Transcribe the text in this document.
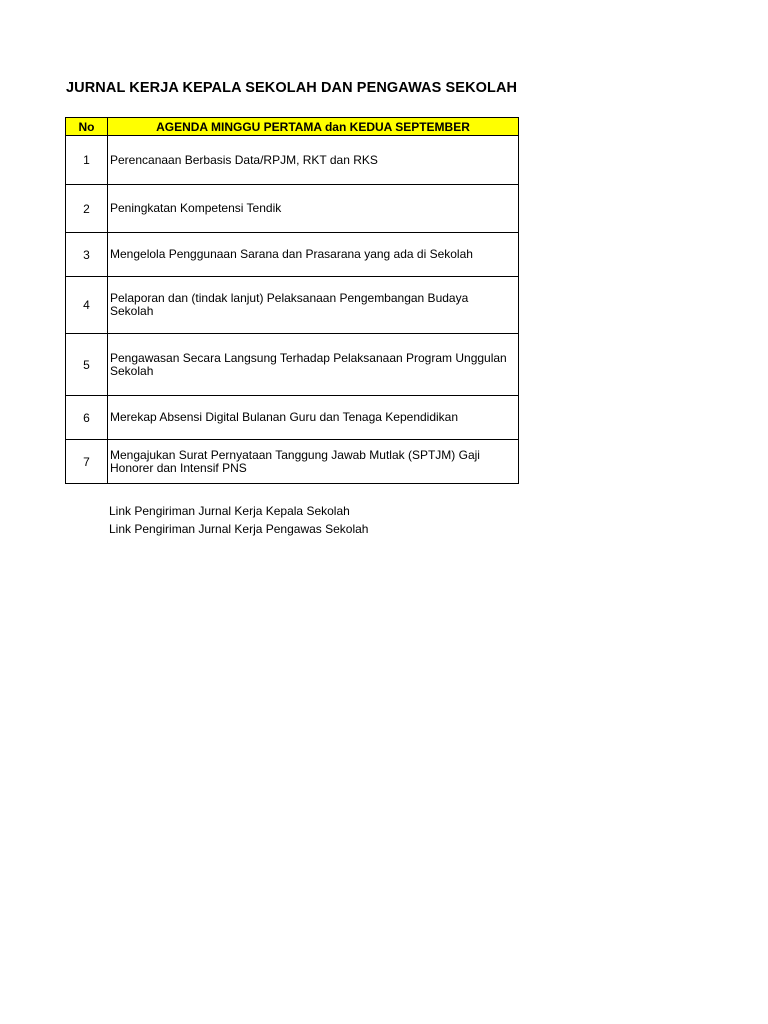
JURNAL KERJA KEPALA SEKOLAH DAN PENGAWAS SEKOLAH
No	AGENDA MINGGU PERTAMA dan KEDUA SEPTEMBER
1	Perencanaan Berbasis Data/RPJM, RKT dan RKS
2	Peningkatan Kompetensi Tendik
3	Mengelola Penggunaan Sarana dan Prasarana yang ada di Sekolah
4	Pelaporan dan (tindak lanjut) Pelaksanaan Pengembangan Budaya Sekolah
5	Pengawasan Secara Langsung Terhadap Pelaksanaan Program Unggulan Sekolah
6	Merekap Absensi Digital Bulanan Guru dan Tenaga Kependidikan
7	Mengajukan Surat Pernyataan Tanggung Jawab Mutlak (SPTJM) Gaji Honorer dan Intensif PNS
Link Pengiriman Jurnal Kerja Kepala Sekolah
Link Pengiriman Jurnal Kerja Pengawas Sekolah
